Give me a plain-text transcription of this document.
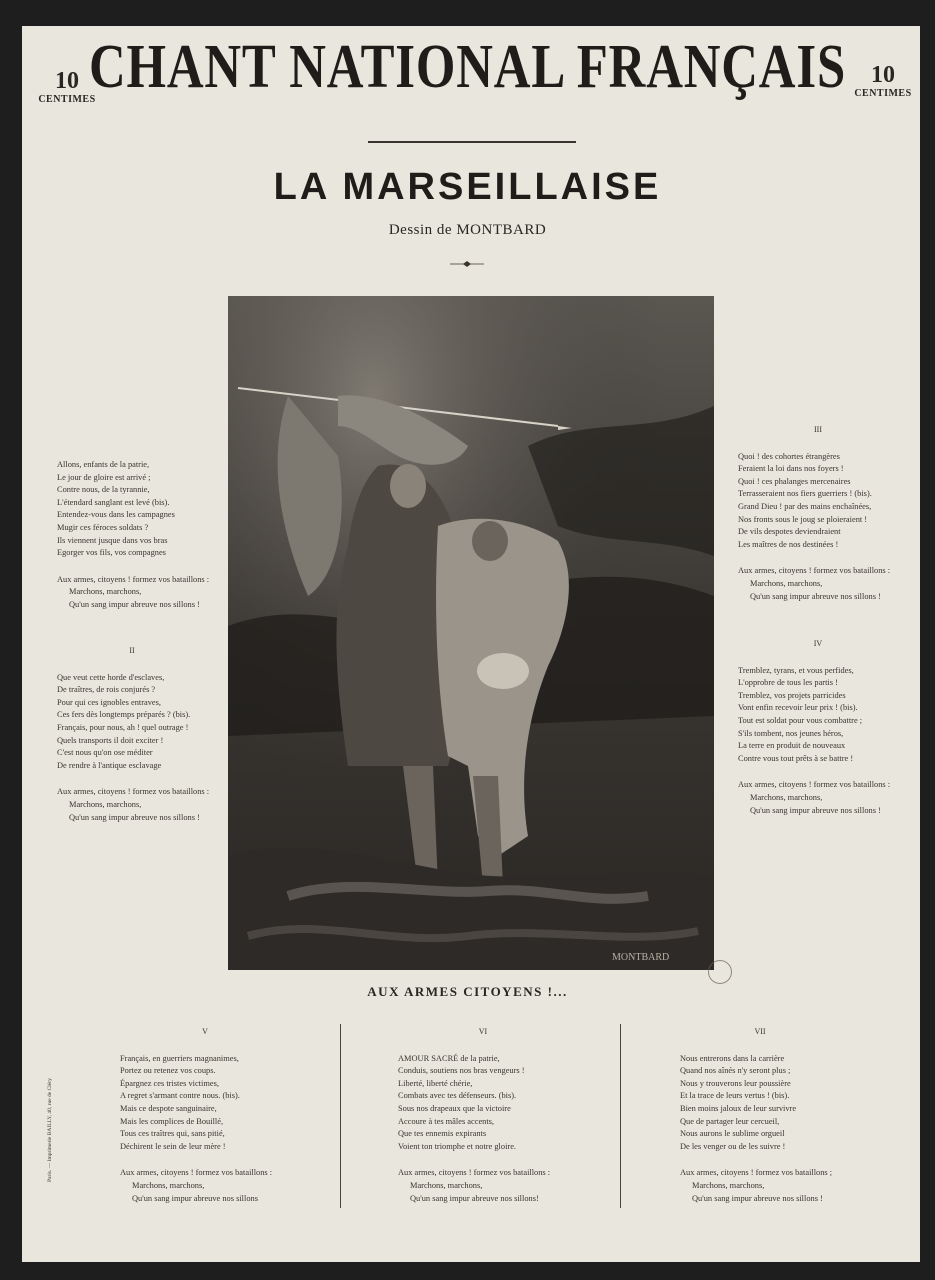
10
CENTIMES
10
CENTIMES
CHANT NATIONAL FRANÇAIS
LA MARSEILLAISE
Dessin de MONTBARD
MONTBARD
AUX ARMES CITOYENS !...
Allons, enfants de la patrie,
Le jour de gloire est arrivé ;
Contre nous, de la tyrannie,
L'étendard sanglant est levé (bis).
Entendez-vous dans les campagnes
Mugir ces féroces soldats ?
Ils viennent jusque dans vos bras
Egorger vos fils, vos compagnes
Aux armes, citoyens ! formez vos bataillons :
Marchons, marchons,
Qu'un sang impur abreuve nos sillons !
II
Que veut cette horde d'esclaves,
De traîtres, de rois conjurés ?
Pour qui ces ignobles entraves,
Ces fers dès longtemps préparés ? (bis).
Français, pour nous, ah ! quel outrage !
Quels transports il doit exciter !
C'est nous qu'on ose méditer
De rendre à l'antique esclavage
Aux armes, citoyens ! formez vos bataillons :
Marchons, marchons,
Qu'un sang impur abreuve nos sillons !
III
Quoi ! des cohortes étrangères
Feraient la loi dans nos foyers !
Quoi ! ces phalanges mercenaires
Terrasseraient nos fiers guerriers ! (bis).
Grand Dieu ! par des mains enchaînées,
Nos fronts sous le joug se ploieraient !
De vils despotes deviendraient
Les maîtres de nos destinées !
Aux armes, citoyens ! formez vos bataillons :
Marchons, marchons,
Qu'un sang impur abreuve nos sillons !
IV
Tremblez, tyrans, et vous perfides,
L'opprobre de tous les partis !
Tremblez, vos projets parricides
Vont enfin recevoir leur prix ! (bis).
Tout est soldat pour vous combattre ;
S'ils tombent, nos jeunes héros,
La terre en produit de nouveaux
Contre vous tout prêts à se battre !
Aux armes, citoyens ! formez vos bataillons :
Marchons, marchons,
Qu'un sang impur abreuve nos sillons !
V
Français, en guerriers magnanimes,
Portez ou retenez vos coups.
Épargnez ces tristes victimes,
A regret s'armant contre nous. (bis).
Mais ce despote sanguinaire,
Mais les complices de Bouillé,
Tous ces traîtres qui, sans pitié,
Déchirent le sein de leur mère !
Aux armes, citoyens ! formez vos bataillons :
Marchons, marchons,
Qu'un sang impur abreuve nos sillons
VI
AMOUR SACRÉ de la patrie,
Conduis, soutiens nos bras vengeurs !
Liberté, liberté chérie,
Combats avec tes défenseurs. (bis).
Sous nos drapeaux que la victoire
Accoure à tes mâles accents,
Que tes ennemis expirants
Voient ton triomphe et notre gloire.
Aux armes, citoyens ! formez vos bataillons :
Marchons, marchons,
Qu'un sang impur abreuve nos sillons!
VII
Nous entrerons dans la carrière
Quand nos aînés n'y seront plus ;
Nous y trouverons leur poussière
Et la trace de leurs vertus ! (bis).
Bien moins jaloux de leur survivre
Que de partager leur cercueil,
Nous aurons le sublime orgueil
De les venger ou de les suivre !
Aux armes, citoyens ! formez vos bataillons ;
Marchons, marchons,
Qu'un sang impur abreuve nos sillons !
Paris. — Imprimerie BAILLY, 40, rue de Cléry
